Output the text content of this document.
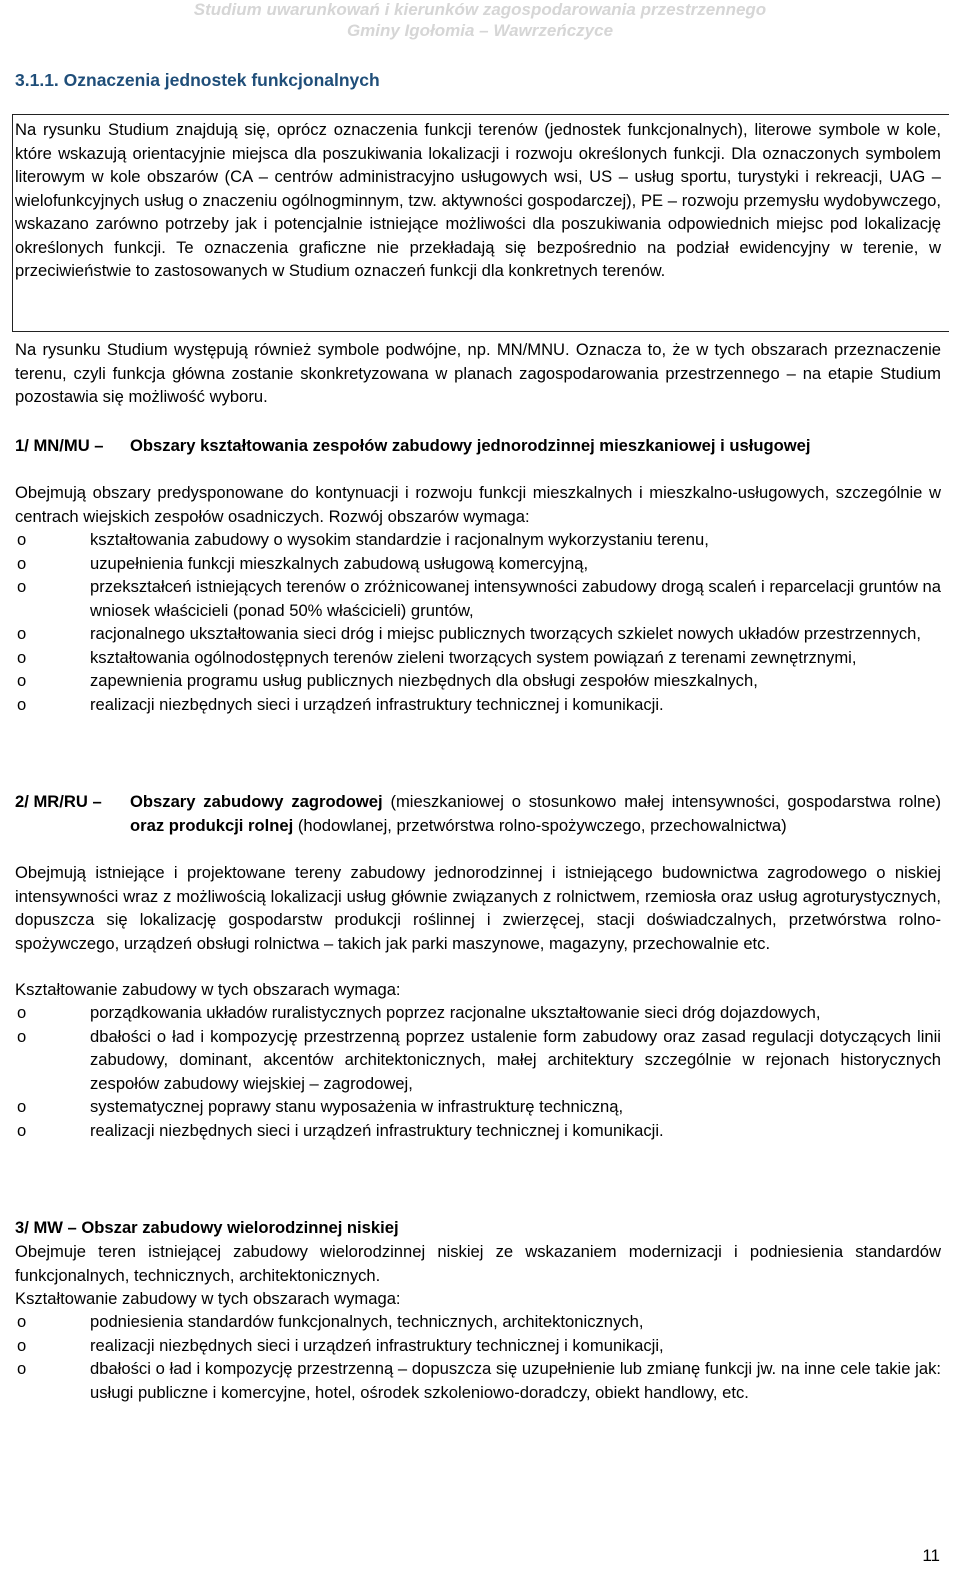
Studium uwarunkowań i kierunków zagospodarowania przestrzennego
Gminy Igołomia – Wawrzeńczyce
3.1.1. Oznaczenia jednostek funkcjonalnych
Na rysunku Studium znajdują się, oprócz oznaczenia funkcji terenów (jednostek funkcjonalnych), literowe symbole w kole, które wskazują orientacyjnie miejsca dla poszukiwania lokalizacji i rozwoju określonych funkcji. Dla oznaczonych symbolem literowym w kole obszarów (CA – centrów administracyjno usługowych wsi, US – usług sportu, turystyki i rekreacji, UAG – wielofunkcyjnych usług o znaczeniu ogólnogminnym, tzw. aktywności gospodarczej), PE – rozwoju przemysłu wydobywczego, wskazano zarówno potrzeby jak i potencjalnie istniejące możliwości dla poszukiwania odpowiednich miejsc pod lokalizację określonych funkcji. Te oznaczenia graficzne nie przekładają się bezpośrednio na podział ewidencyjny w terenie, w przeciwieństwie to zastosowanych w Studium oznaczeń funkcji dla konkretnych terenów.
Na rysunku Studium występują również symbole podwójne, np. MN/MNU. Oznacza to, że w tych obszarach przeznaczenie terenu, czyli funkcja główna zostanie skonkretyzowana w planach zagospodarowania przestrzennego – na etapie Studium pozostawia się możliwość wyboru.
1/ MN/MU – Obszary kształtowania zespołów zabudowy jednorodzinnej mieszkaniowej i usługowej
Obejmują obszary predysponowane do kontynuacji i rozwoju funkcji mieszkalnych i mieszkalno-usługowych, szczególnie w centrach wiejskich zespołów osadniczych. Rozwój obszarów wymaga:
o	kształtowania zabudowy o wysokim standardzie i racjonalnym wykorzystaniu terenu,
o	uzupełnienia funkcji mieszkalnych zabudową usługową komercyjną,
o	przekształceń istniejących terenów o zróżnicowanej intensywności zabudowy drogą scaleń i reparcelacji gruntów na wniosek właścicieli (ponad 50% właścicieli) gruntów,
o	racjonalnego ukształtowania sieci dróg i miejsc publicznych tworzących szkielet nowych układów przestrzennych,
o	kształtowania ogólnodostępnych terenów zieleni tworzących system powiązań z terenami zewnętrznymi,
o	zapewnienia programu usług publicznych niezbędnych dla obsługi zespołów mieszkalnych,
o	realizacji niezbędnych sieci i urządzeń infrastruktury technicznej i komunikacji.
2/ MR/RU – Obszary zabudowy zagrodowej (mieszkaniowej o stosunkowo małej intensywności, gospodarstwa rolne) oraz produkcji rolnej (hodowlanej, przetwórstwa rolno-spożywczego, przechowalnictwa)
Obejmują istniejące i projektowane tereny zabudowy jednorodzinnej i istniejącego budownictwa zagrodowego o niskiej intensywności wraz z możliwością lokalizacji usług głównie związanych z rolnictwem, rzemiosła oraz usług agroturystycznych, dopuszcza się lokalizację gospodarstw produkcji roślinnej i zwierzęcej, stacji doświadczalnych, przetwórstwa rolno-spożywczego, urządzeń obsługi rolnictwa – takich jak parki maszynowe, magazyny, przechowalnie etc.
Kształtowanie zabudowy w tych obszarach wymaga:
o	porządkowania układów ruralistycznych poprzez racjonalne ukształtowanie sieci dróg dojazdowych,
o	dbałości o ład i kompozycję przestrzenną poprzez ustalenie form zabudowy oraz zasad regulacji dotyczących linii zabudowy, dominant, akcentów architektonicznych, małej architektury szczególnie w rejonach historycznych zespołów zabudowy wiejskiej – zagrodowej,
o	systematycznej poprawy stanu wyposażenia w infrastrukturę techniczną,
o	realizacji niezbędnych sieci i urządzeń infrastruktury technicznej i komunikacji.
3/ MW – Obszar zabudowy wielorodzinnej niskiej
Obejmuje teren istniejącej zabudowy wielorodzinnej niskiej ze wskazaniem modernizacji i podniesienia standardów funkcjonalnych, technicznych, architektonicznych.
Kształtowanie zabudowy w tych obszarach wymaga:
o	podniesienia standardów funkcjonalnych, technicznych, architektonicznych,
o	realizacji niezbędnych sieci i urządzeń infrastruktury technicznej i komunikacji,
o	dbałości o ład i kompozycję przestrzenną – dopuszcza się uzupełnienie lub zmianę funkcji jw. na inne cele takie jak: usługi publiczne i komercyjne, hotel, ośrodek szkoleniowo-doradczy, obiekt handlowy, etc.
11
